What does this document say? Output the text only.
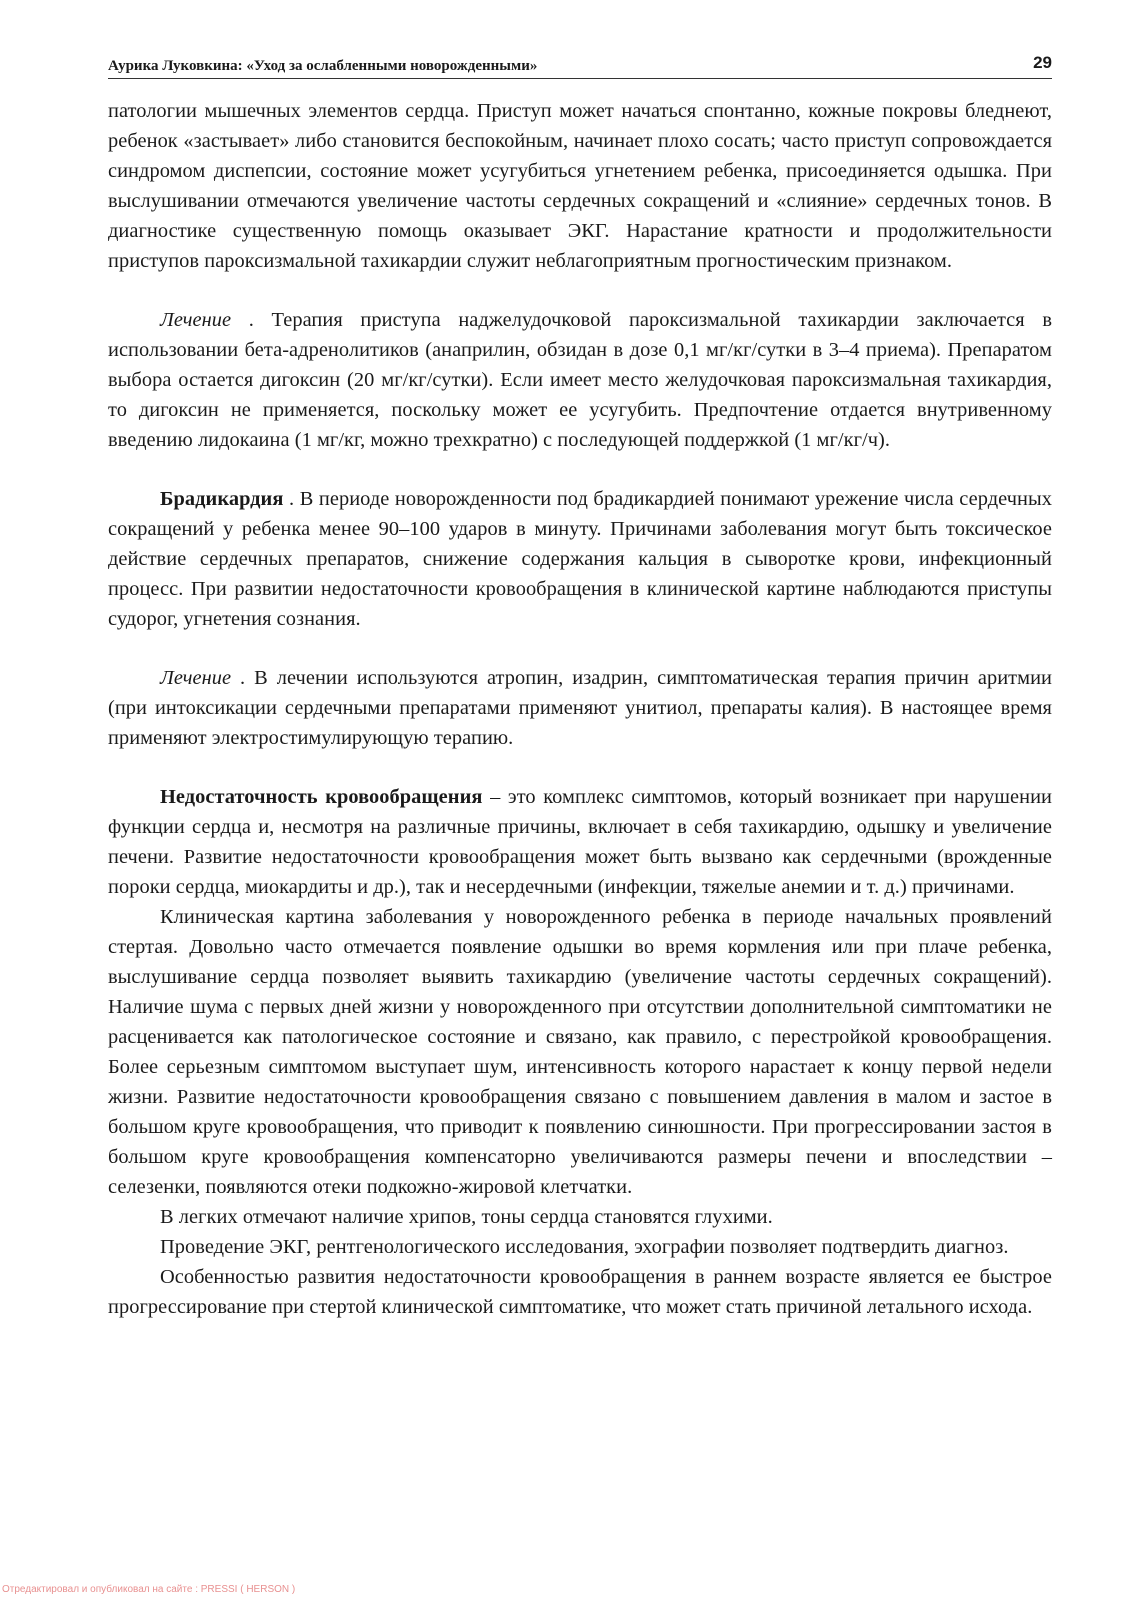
Аурика Луковкина: «Уход за ослабленными новорожденными»	29

патологии мышечных элементов сердца. Приступ может начаться спонтанно, кожные покровы бледнеют, ребенок «застывает» либо становится беспокойным, начинает плохо сосать; часто приступ сопровождается синдромом диспепсии, состояние может усугубиться угнетением ребенка, присоединяется одышка. При выслушивании отмечаются увеличение частоты сердечных сокращений и «слияние» сердечных тонов. В диагностике существенную помощь оказывает ЭКГ. Нарастание кратности и продолжительности приступов пароксизмальной тахикардии служит неблагоприятным прогностическим признаком.

Лечение . Терапия приступа наджелудочковой пароксизмальной тахикардии заключается в использовании бета-адренолитиков (анаприлин, обзидан в дозе 0,1 мг/кг/сутки в 3–4 приема). Препаратом выбора остается дигоксин (20 мг/кг/сутки). Если имеет место желудочковая пароксизмальная тахикардия, то дигоксин не применяется, поскольку может ее усугубить. Предпочтение отдается внутривенному введению лидокаина (1 мг/кг, можно трехкратно) с последующей поддержкой (1 мг/кг/ч).

Брадикардия . В периоде новорожденности под брадикардией понимают урежение числа сердечных сокращений у ребенка менее 90–100 ударов в минуту. Причинами заболевания могут быть токсическое действие сердечных препаратов, снижение содержания кальция в сыворотке крови, инфекционный процесс. При развитии недостаточности кровообращения в клинической картине наблюдаются приступы судорог, угнетения сознания.

Лечение . В лечении используются атропин, изадрин, симптоматическая терапия причин аритмии (при интоксикации сердечными препаратами применяют унитиол, препараты калия). В настоящее время применяют электростимулирующую терапию.

Недостаточность кровообращения – это комплекс симптомов, который возникает при нарушении функции сердца и, несмотря на различные причины, включает в себя тахикардию, одышку и увеличение печени. Развитие недостаточности кровообращения может быть вызвано как сердечными (врожденные пороки сердца, миокардиты и др.), так и несердечными (инфекции, тяжелые анемии и т. д.) причинами.

Клиническая картина заболевания у новорожденного ребенка в периоде начальных проявлений стертая. Довольно часто отмечается появление одышки во время кормления или при плаче ребенка, выслушивание сердца позволяет выявить тахикардию (увеличение частоты сердечных сокращений). Наличие шума с первых дней жизни у новорожденного при отсутствии дополнительной симптоматики не расценивается как патологическое состояние и связано, как правило, с перестройкой кровообращения. Более серьезным симптомом выступает шум, интенсивность которого нарастает к концу первой недели жизни. Развитие недостаточности кровообращения связано с повышением давления в малом и застое в большом круге кровообращения, что приводит к появлению синюшности. При прогрессировании застоя в большом круге кровообращения компенсаторно увеличиваются размеры печени и впоследствии – селезенки, появляются отеки подкожно-жировой клетчатки.

В легких отмечают наличие хрипов, тоны сердца становятся глухими.

Проведение ЭКГ, рентгенологического исследования, эхографии позволяет подтвердить диагноз.

Особенностью развития недостаточности кровообращения в раннем возрасте является ее быстрое прогрессирование при стертой клинической симптоматике, что может стать причиной летального исхода.

Отредактировал и опубликовал на сайте : PRESSI ( HERSON )
